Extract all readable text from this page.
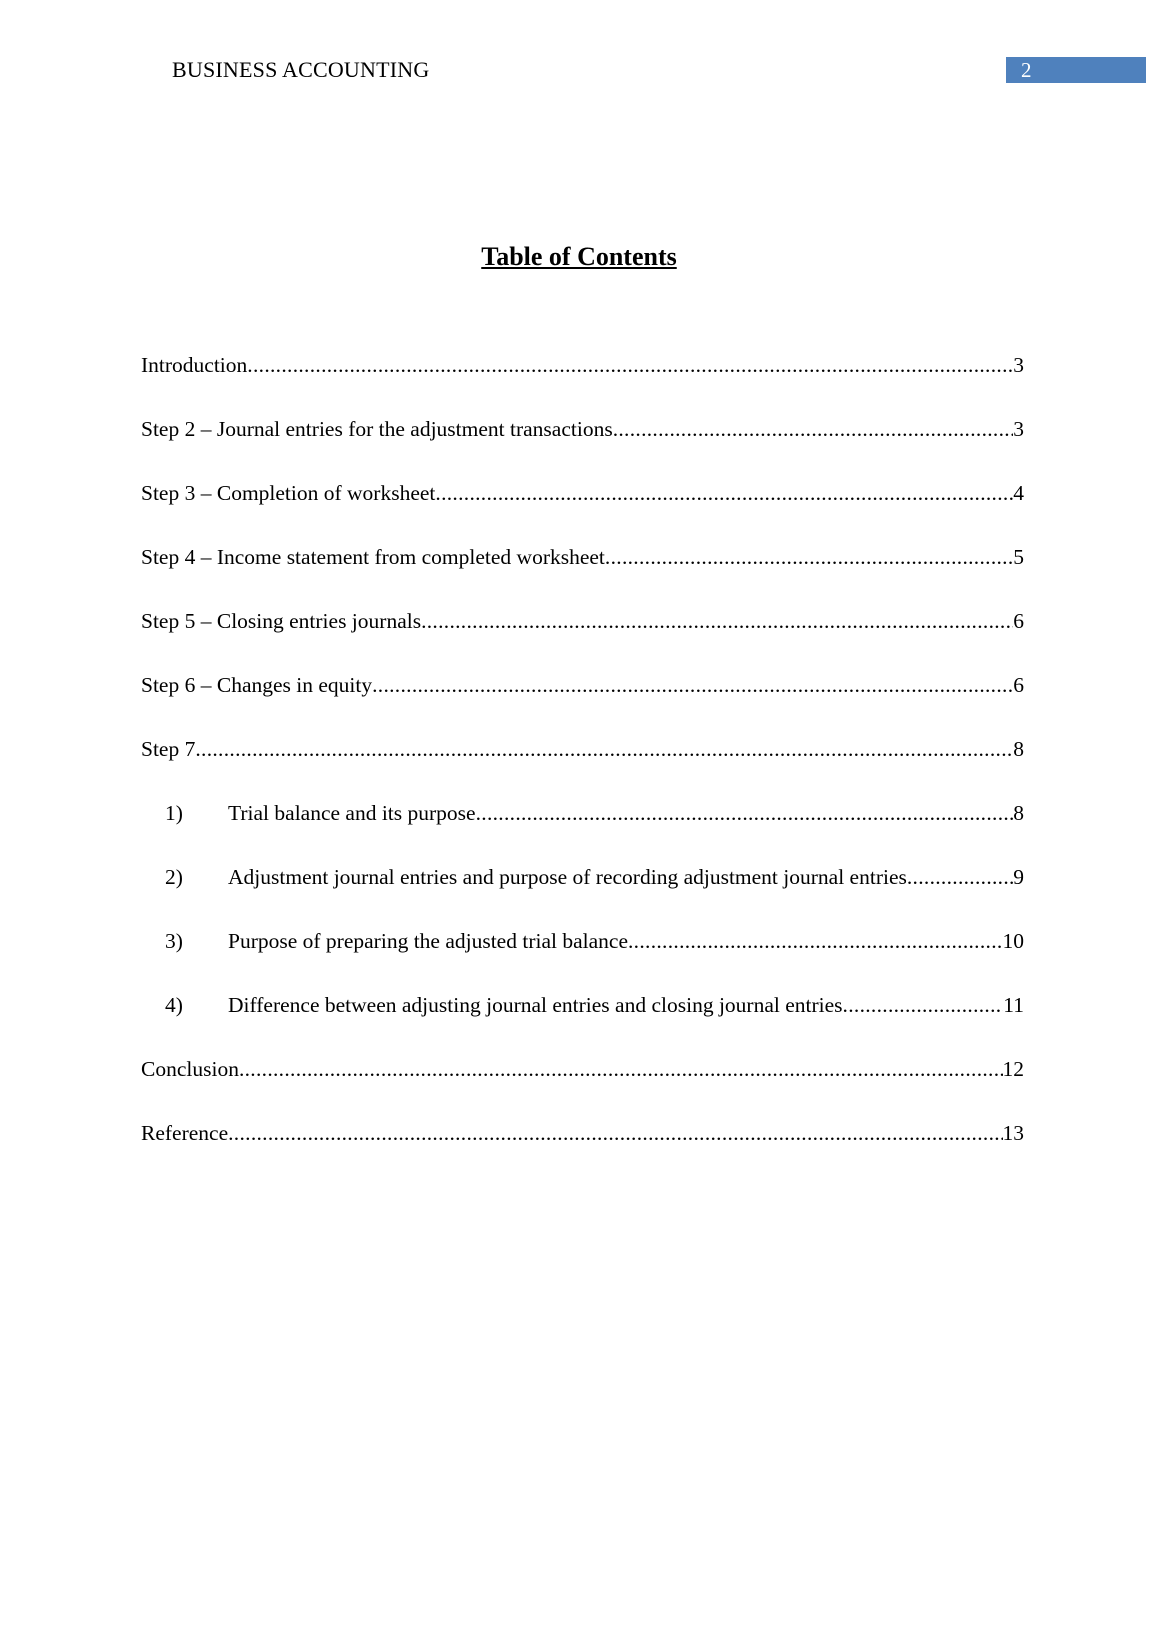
BUSINESS ACCOUNTING	2
Table of Contents
Introduction .....	3
Step 2 – Journal entries for the adjustment transactions .....	3
Step 3 – Completion of worksheet .....	4
Step 4 – Income statement from completed worksheet .....	5
Step 5 – Closing entries journals .....	6
Step 6 – Changes in equity .....	6
Step 7 .....	8
1)	Trial balance and its purpose .....	8
2)	Adjustment journal entries and purpose of recording adjustment journal entries .....	9
3)	Purpose of preparing the adjusted trial balance .....	10
4)	Difference between adjusting journal entries and closing journal entries .....	11
Conclusion .....	12
Reference .....	13
